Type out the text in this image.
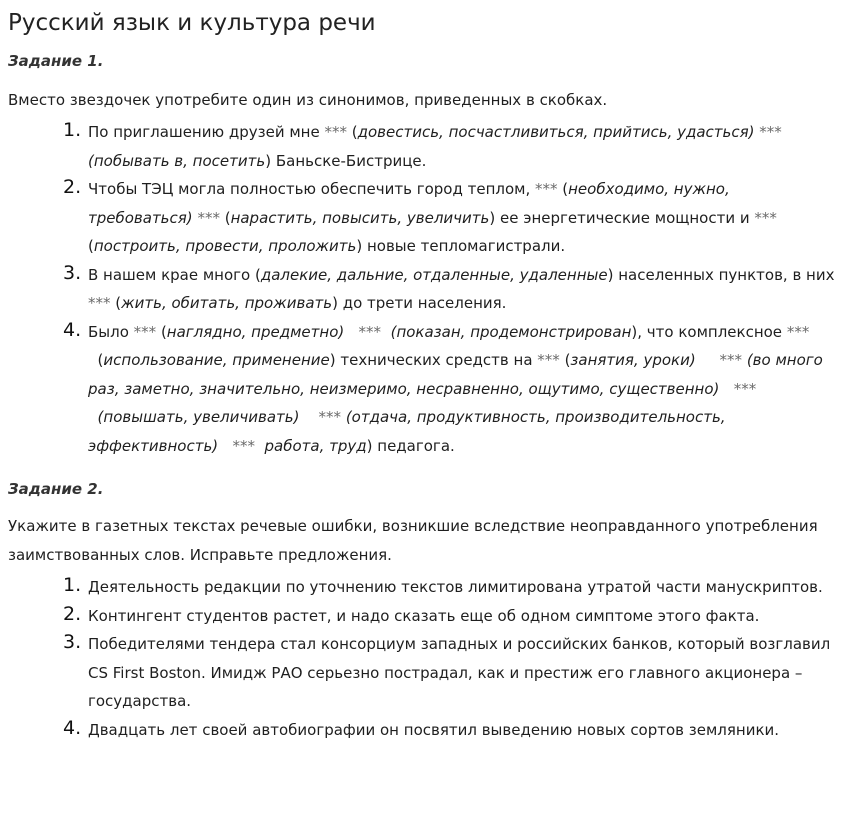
Русский язык и культура речи

Задание 1.

Вместо звездочек употребите один из синонимов, приведенных в скобках.

1. По приглашению друзей мне *** (довестись, посчастливиться, прийтись, удасться) ***(побывать в, посетить) Баньске-Бистрице.
2. Чтобы ТЭЦ могла полностью обеспечить город теплом, *** (необходимо, нужно, требоваться) *** (нарастить, повысить, увеличить) ее энергетические мощности и *** (построить, провести, проложить) новые тепломагистрали.
3. В нашем крае много (далекие, дальние, отдаленные, удаленные) населенных пунктов, в них *** (жить, обитать, проживать) до трети населения.
4. Было *** (наглядно, предметно) *** (показан, продемонстрирован), что комплексное ***  (использование, применение) технических средств на *** (занятия, уроки) *** (во много раз, заметно, значительно, неизмеримо, несравненно, ощутимо, существенно) ***  (повышать, увеличивать) *** (отдача, продуктивность, производительность, эффективность) *** работа, труд) педагога.

Задание 2.

Укажите в газетных текстах речевые ошибки, возникшие вследствие неоправданного употребления заимствованных слов. Исправьте предложения.

1. Деятельность редакции по уточнению текстов лимитирована утратой части манускриптов.
2. Контингент студентов растет, и надо сказать еще об одном симптоме этого факта.
3. Победителями тендера стал консорциум западных и российских банков, который возглавил CS First Boston. Имидж РАО серьезно пострадал, как и престиж его главного акционера – государства.
4. Двадцать лет своей автобиографии он посвятил выведению новых сортов земляники.
